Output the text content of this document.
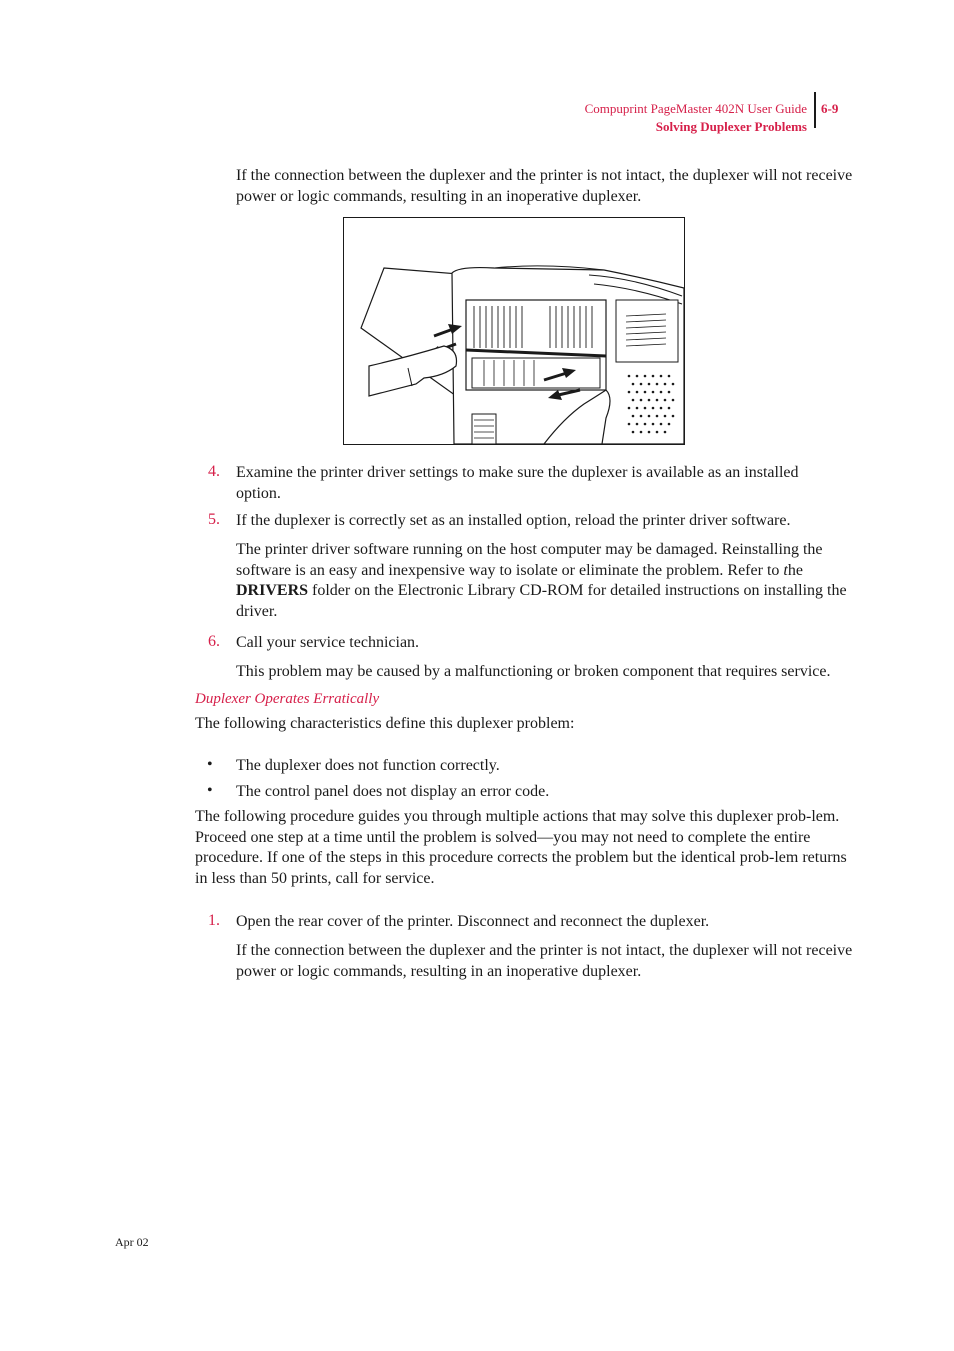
Compuprint PageMaster 402N User Guide
Solving Duplexer Problems
6-9
If the connection between the duplexer and the printer is not intact, the duplexer will not receive power or logic commands, resulting in an inoperative duplexer.
4. Examine the printer driver settings to make sure the duplexer is available as an installed option.
5. If the duplexer is correctly set as an installed option, reload the printer driver software.
The printer driver software running on the host computer may be damaged. Reinstalling the software is an easy and inexpensive way to isolate or eliminate the problem. Refer to the
DRIVERS folder on the Electronic Library CD-ROM for detailed instructions on installing the driver.
6. Call your service technician.
This problem may be caused by a malfunctioning or broken component that requires service.
Duplexer Operates Erratically
The following characteristics define this duplexer problem:
• The duplexer does not function correctly.
• The control panel does not display an error code.
The following procedure guides you through multiple actions that may solve this duplexer prob-lem. Proceed one step at a time until the problem is solved—you may not need to complete the entire procedure. If one of the steps in this procedure corrects the problem but the identical prob-lem returns in less than 50 prints, call for service.
1. Open the rear cover of the printer. Disconnect and reconnect the duplexer.
If the connection between the duplexer and the printer is not intact, the duplexer will not receive power or logic commands, resulting in an inoperative duplexer.
Apr 02
